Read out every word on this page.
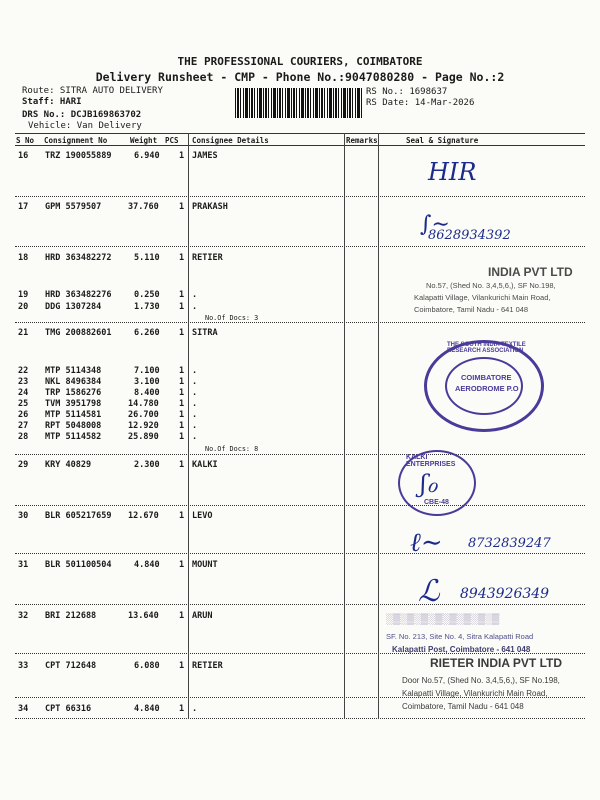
THE PROFESSIONAL COURIERS, COIMBATORE
Delivery Runsheet - CMP - Phone No.:9047080280 - Page No.:2
Route: SITRA AUTO DELIVERY
Staff: HARI
DRS No.: DCJB169863702
Vehicle: Van Delivery
RS No.: 1698637
RS Date: 14-Mar-2026
S No Consignment No	Weight PCS Consignee Details	Remarks	Seal & Signature
16 TRZ 190055889	6.940 1 JAMES
17 GPM 5579507	37.760 1 PRAKASH
18 HRD 363482272	5.110 1 RETIER
19 HRD 363482276	0.250 1 .
20 DDG 1307284	1.730 1 .
No.Of Docs: 3
21 TMG 200882601	6.260 1 SITRA
22 MTP 5114348	7.100 1 .
23 NKL 8496384	3.100 1 .
24 TRP 1586276	8.400 1 .
25 TVM 3951798	14.780 1 .
26 MTP 5114581	26.700 1 .
27 RPT 5048008	12.920 1 .
28 MTP 5114582	25.890 1 .
No.Of Docs: 8
29 KRY 40829	2.300 1 KALKI
30 BLR 605217659 12.670 1 LEVO
31 BLR 501100504	4.840 1 MOUNT
32 BRI 212688	13.640 1 ARUN
33 CPT 712648	6.080 1 RETIER
34 CPT 66316	4.840 1 .
HIR
∫∼
8628934392
ℓ∼ 8732839247
ℒ 8943926349
ʃℴ
INDIA PVT LTD
No.57, (Shed No. 3,4,5,6,), SF No.198,
Kalapatti Village, Vilankurichi Main Road,
Coimbatore, Tamil Nadu - 641 048
THE SOUTH INDIA TEXTILE RESEARCH ASSOCIATION
COIMBATORE
AERODROME P.O
KALKI ENTERPRISES
CBE-48
░▒░▒░▒░▒░▒░▒░▒░▒
SF. No. 213, Site No. 4, Sitra Kalapatti Road
Kalapatti Post, Coimbatore - 641 048
RIETER INDIA PVT LTD
Door No.57, (Shed No. 3,4,5,6,), SF No.198,
Kalapatti Village, Vilankurichi Main Road,
Coimbatore, Tamil Nadu - 641 048
